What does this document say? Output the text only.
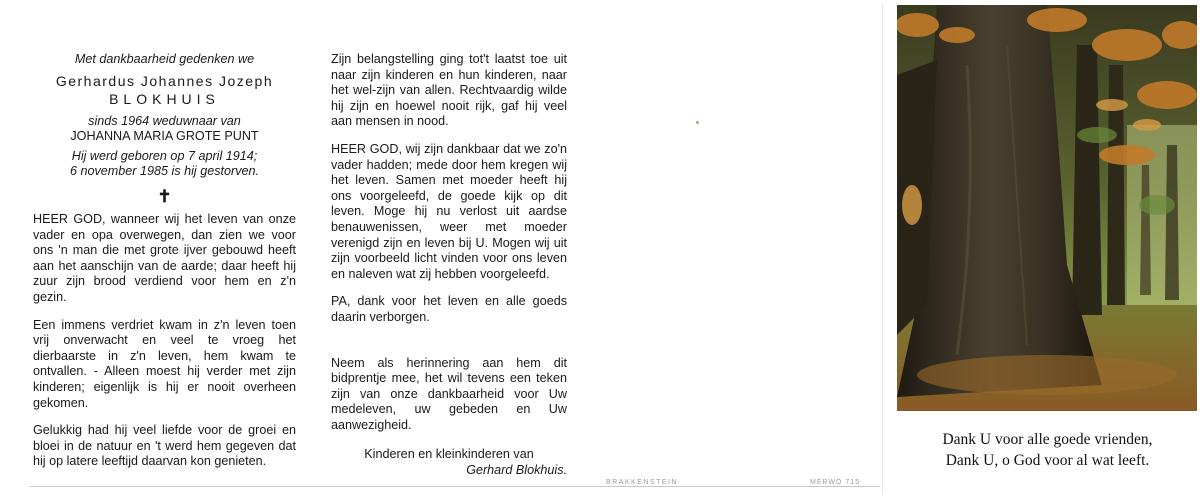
Met dankbaarheid gedenken we
Gerhardus Johannes Jozeph
BLOKHUIS
sinds 1964 weduwnaar van
JOHANNA MARIA GROTE PUNT
Hij werd geboren op 7 april 1914;
6 november 1985 is hij gestorven.
✝

HEER GOD, wanneer wij het leven van onze vader en opa overwegen, dan zien we voor ons 'n man die met grote ijver gebouwd heeft aan het aanschijn van de aarde; daar heeft hij zuur zijn brood verdiend voor hem en z'n gezin.

Een immens verdriet kwam in z'n leven toen vrij onverwacht en veel te vroeg het dierbaarste in z'n leven, hem kwam te ontvallen. - Alleen moest hij verder met zijn kinderen; eigenlijk is hij er nooit overheen gekomen.

Gelukkig had hij veel liefde voor de groei en bloei in de natuur en 't werd hem gegeven dat hij op latere leeftijd daarvan kon genieten.

Zijn belangstelling ging tot't laatst toe uit naar zijn kinderen en hun kinderen, naar het wel-zijn van allen. Rechtvaardig wilde hij zijn en hoewel nooit rijk, gaf hij veel aan mensen in nood.

HEER GOD, wij zijn dankbaar dat we zo'n vader hadden; mede door hem kregen wij het leven. Samen met moeder heeft hij ons voorgeleefd, de goede kijk op dit leven. Moge hij nu verlost uit aardse benauwenissen, weer met moeder verenigd zijn en leven bij U. Mogen wij uit zijn voorbeeld licht vinden voor ons leven en naleven wat zij hebben voorgeleefd.

PA, dank voor het leven en alle goeds daarin verborgen.

Neem als herinnering aan hem dit bidprentje mee, het wil tevens een teken zijn van onze dankbaarheid voor Uw medeleven, uw gebeden en Uw aanwezigheid.

Kinderen en kleinkinderen van
Gerhard Blokhuis.
BRAKKENSTEIN	MERWO 715
Dank U voor alle goede vrienden,
Dank U, o God voor al wat leeft.
